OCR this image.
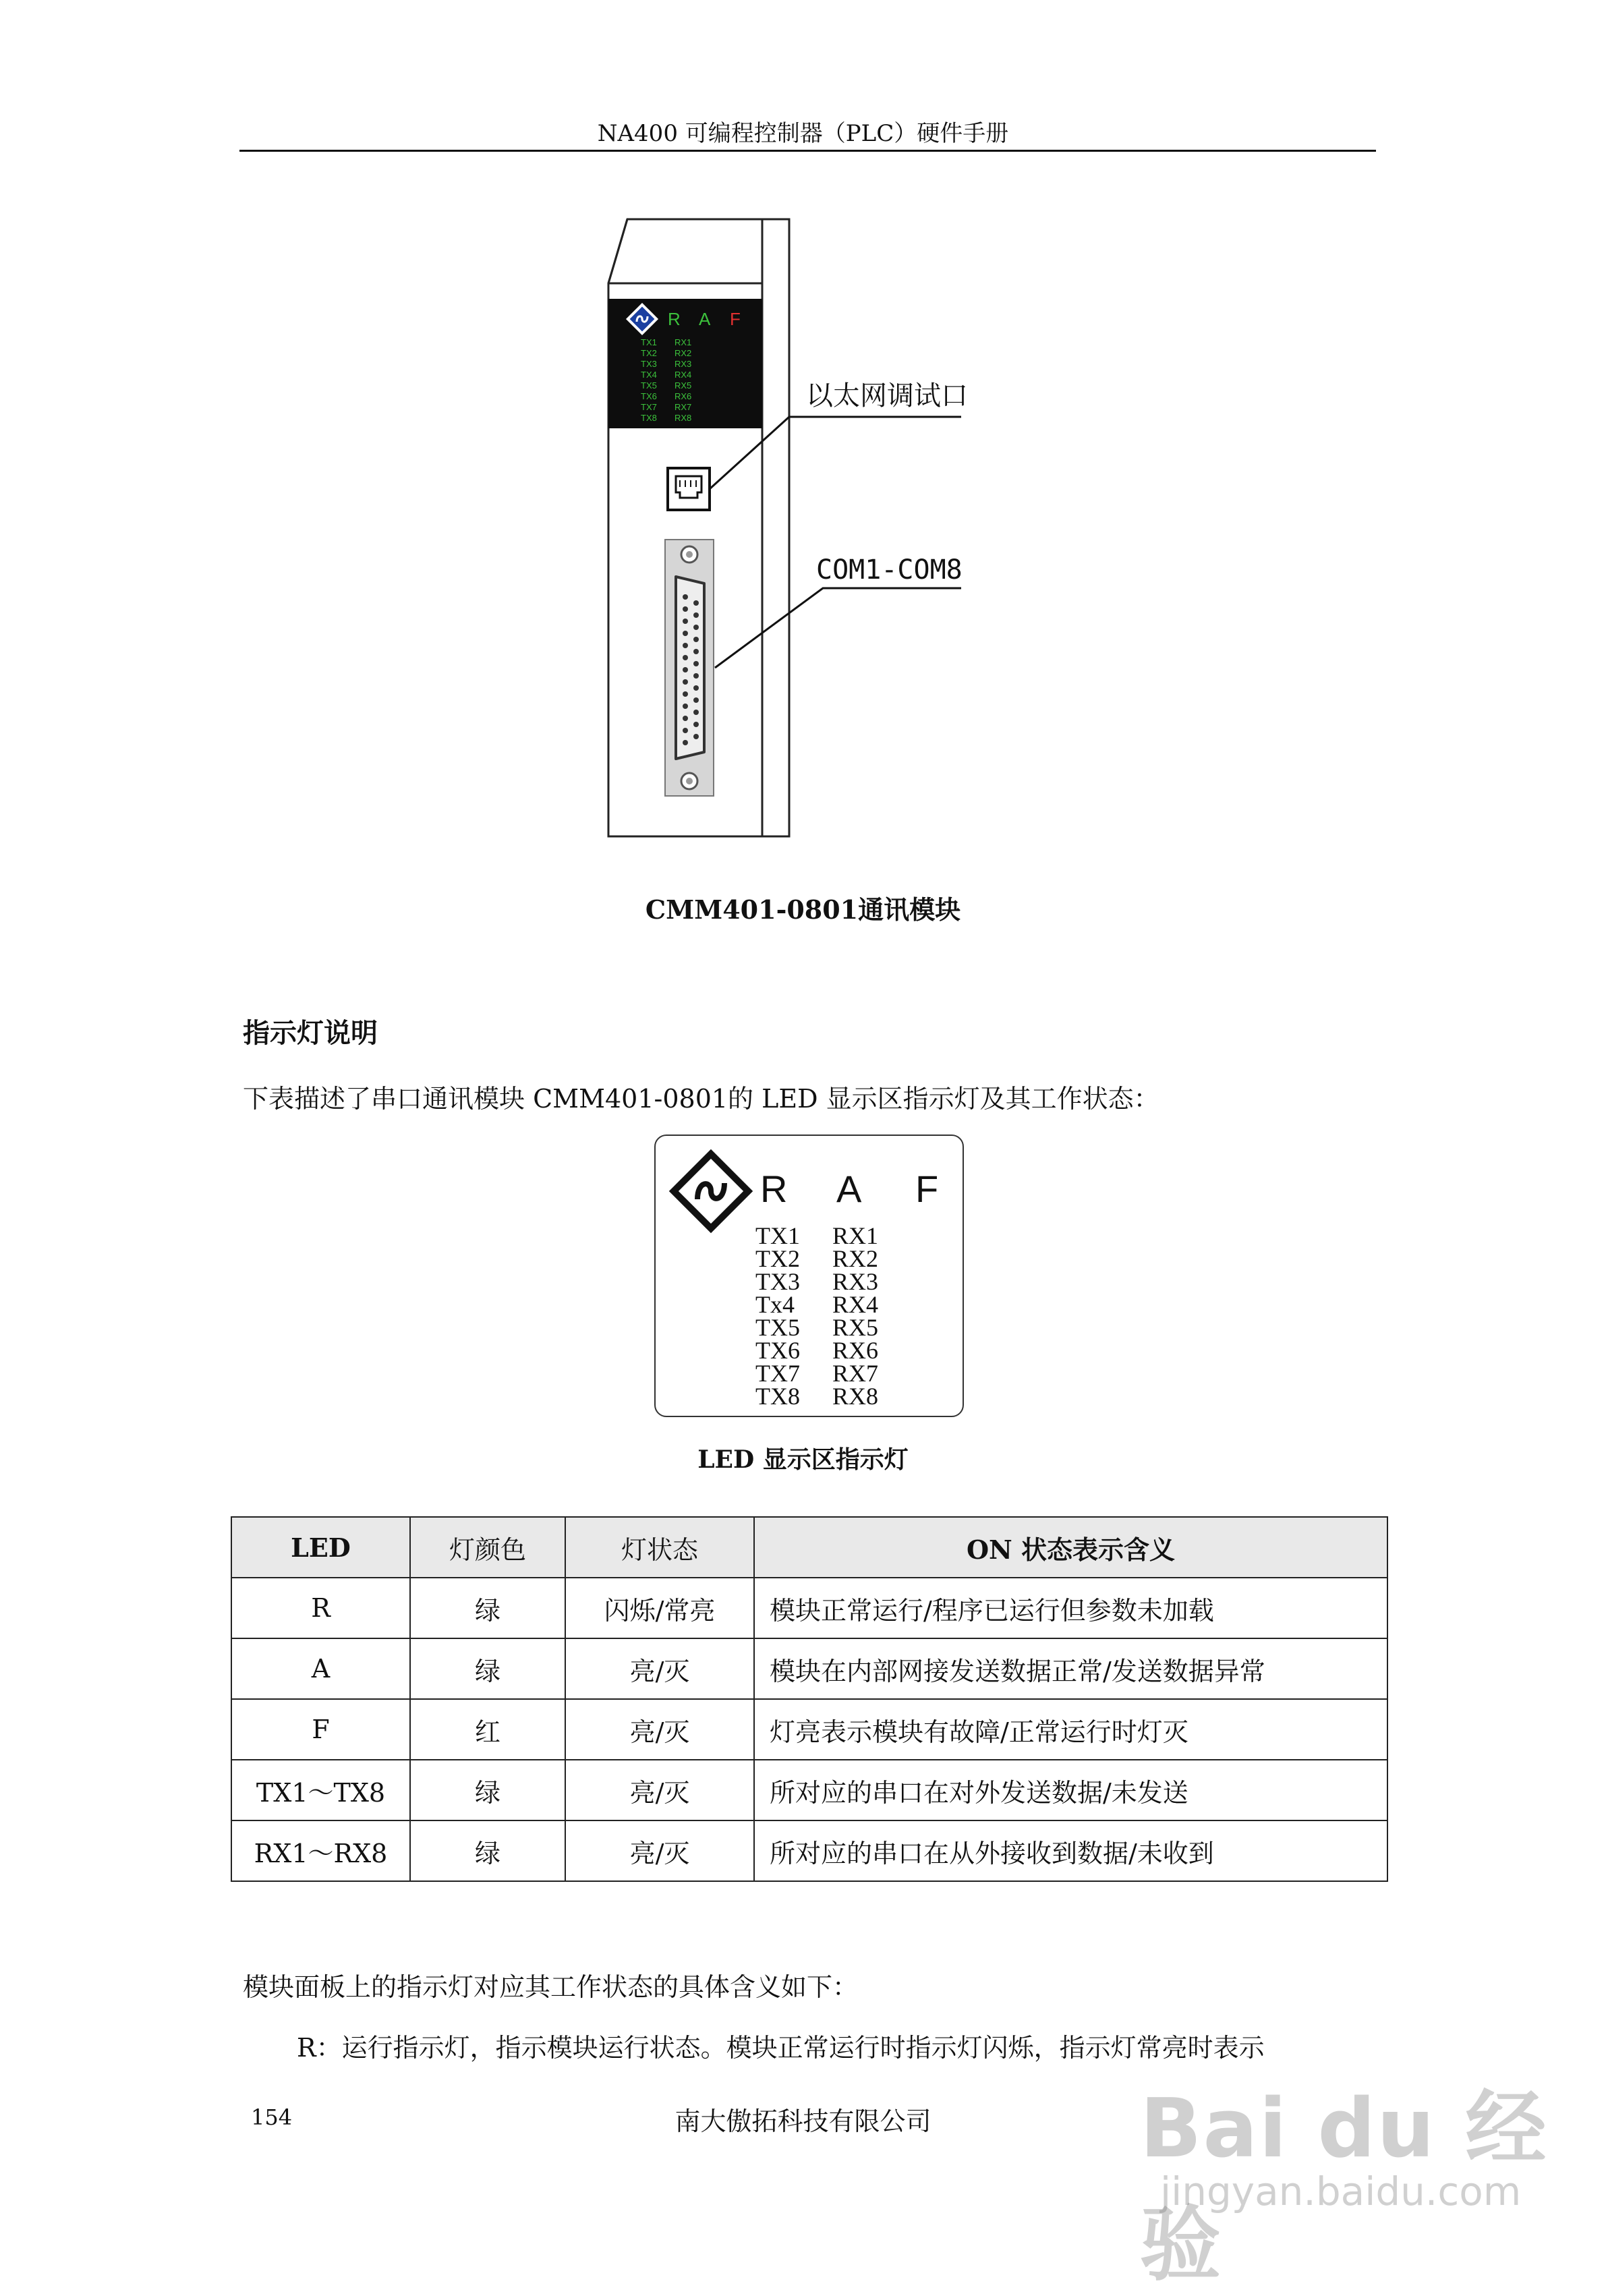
NA400 可编程控制器（PLC）硬件手册
R A F
TX1 RX1
TX2 RX2
TX3 RX3
TX4 RX4
TX5 RX5
TX6 RX6
TX7 RX7
TX8 RX8
以太网调试口
COM1-COM8
CMM401-0801通讯模块
指示灯说明
下表描述了串口通讯模块 CMM401-0801的 LED 显示区指示灯及其工作状态：
R A F
TX1 RX1
TX2 RX2
TX3 RX3
Tx4 RX4
TX5 RX5
TX6 RX6
TX7 RX7
TX8 RX8
LED 显示区指示灯
LED	灯颜色	灯状态	ON 状态表示含义
R	绿	闪烁/常亮	模块正常运行/程序已运行但参数未加载
A	绿	亮/灭	模块在内部网接发送数据正常/发送数据异常
F	红	亮/灭	灯亮表示模块有故障/正常运行时灯灭
TX1～TX8	绿	亮/灭	所对应的串口在对外发送数据/未发送
RX1～RX8	绿	亮/灭	所对应的串口在从外接收到数据/未收到
模块面板上的指示灯对应其工作状态的具体含义如下：
R：运行指示灯，指示模块运行状态。模块正常运行时指示灯闪烁，指示灯常亮时表示
154	南大傲拓科技有限公司	Bai du 经验
jingyan.baidu.com
